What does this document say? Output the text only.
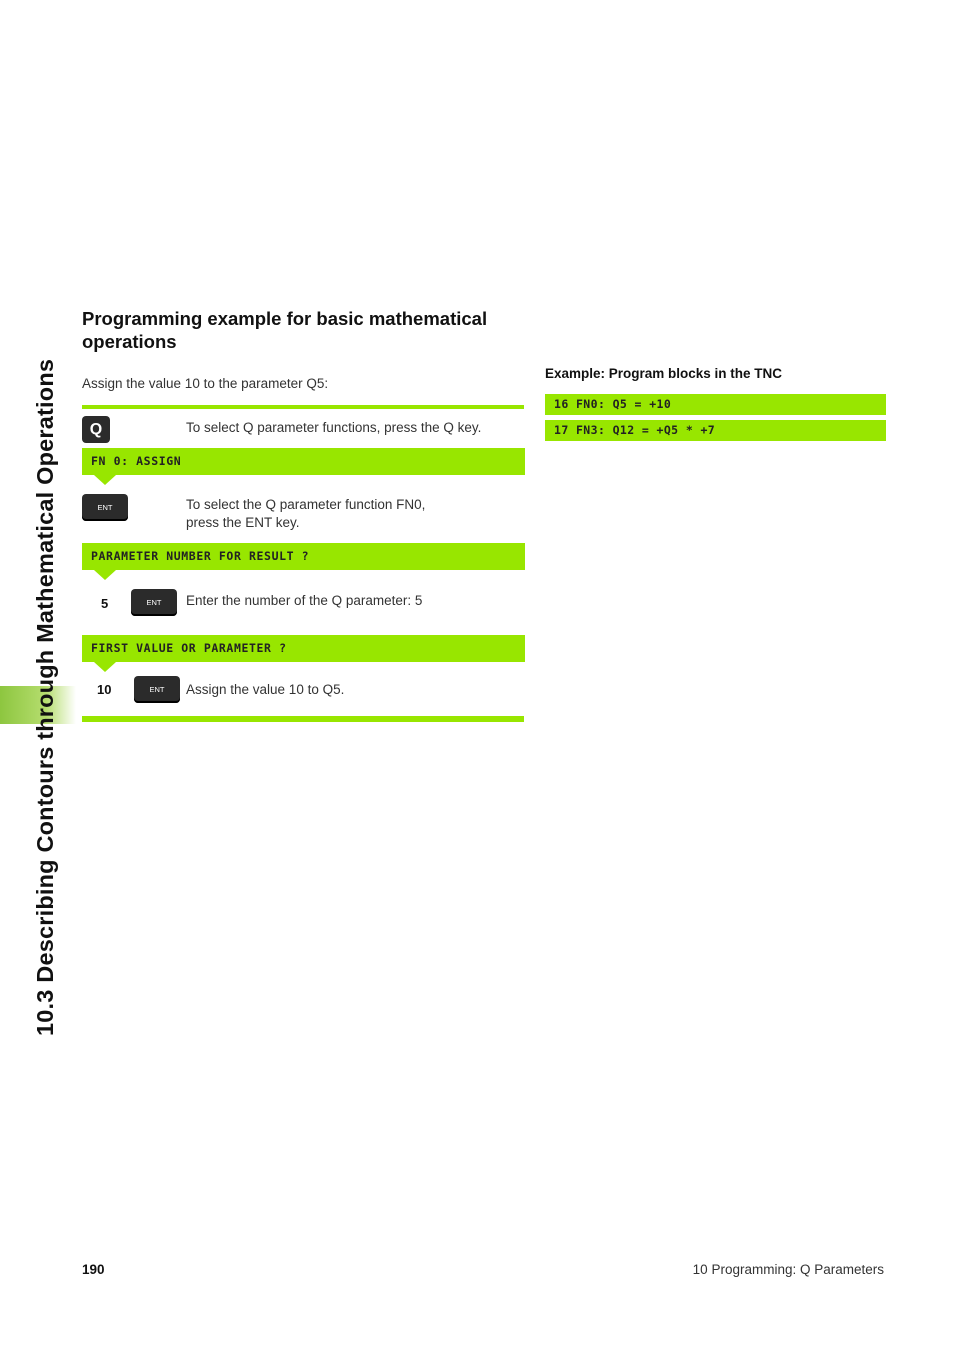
10.3 Describing Contours through Mathematical Operations
Programming example for basic mathematical operations
Assign the value 10 to the parameter Q5:
Q	To select Q parameter functions, press the Q key.
FN 0: ASSIGN
ENT	To select the Q parameter function FN0,
press the ENT key.
PARAMETER NUMBER FOR RESULT ?
5	ENT	Enter the number of the Q parameter: 5
FIRST VALUE OR PARAMETER ?
10	ENT	Assign the value 10 to Q5.
Example: Program blocks in the TNC
16 FN0: Q5 = +10
17 FN3: Q12 = +Q5 * +7
190	10 Programming: Q Parameters
